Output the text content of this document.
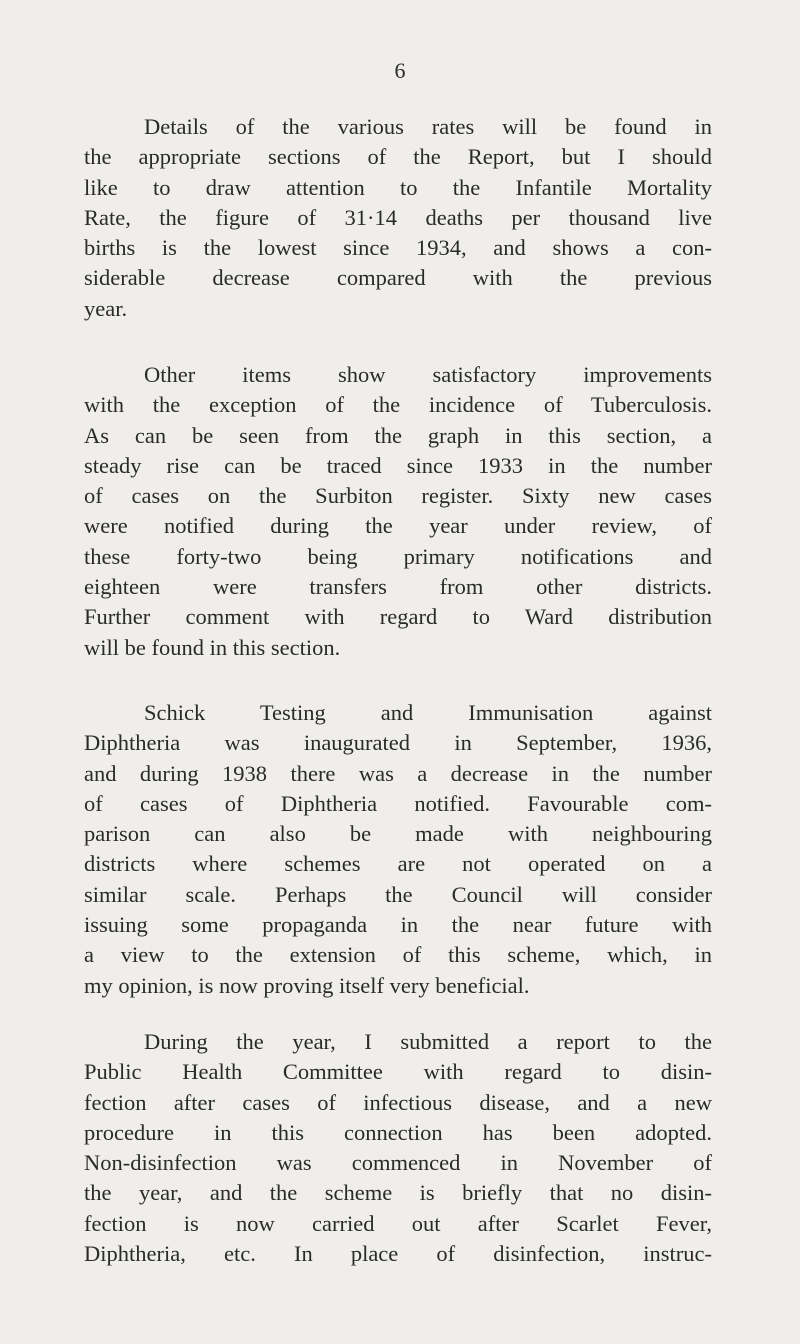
6
Details of the various rates will be found in
the appropriate sections of the Report, but I should
like to draw attention to the Infantile Mortality
Rate, the figure of 31·14 deaths per thousand live
births is the lowest since 1934, and shows a con-
siderable decrease compared with the previous
year.
Other items show satisfactory improvements
with the exception of the incidence of Tuberculosis.
As can be seen from the graph in this section, a
steady rise can be traced since 1933 in the number
of cases on the Surbiton register. Sixty new cases
were notified during the year under review, of
these forty-two being primary notifications and
eighteen were transfers from other districts.
Further comment with regard to Ward distribution
will be found in this section.
Schick Testing and Immunisation against
Diphtheria was inaugurated in September, 1936,
and during 1938 there was a decrease in the number
of cases of Diphtheria notified. Favourable com-
parison can also be made with neighbouring
districts where schemes are not operated on a
similar scale. Perhaps the Council will consider
issuing some propaganda in the near future with
a view to the extension of this scheme, which, in
my opinion, is now proving itself very beneficial.
During the year, I submitted a report to the
Public Health Committee with regard to disin-
fection after cases of infectious disease, and a new
procedure in this connection has been adopted.
Non-disinfection was commenced in November of
the year, and the scheme is briefly that no disin-
fection is now carried out after Scarlet Fever,
Diphtheria, etc. In place of disinfection, instruc-
